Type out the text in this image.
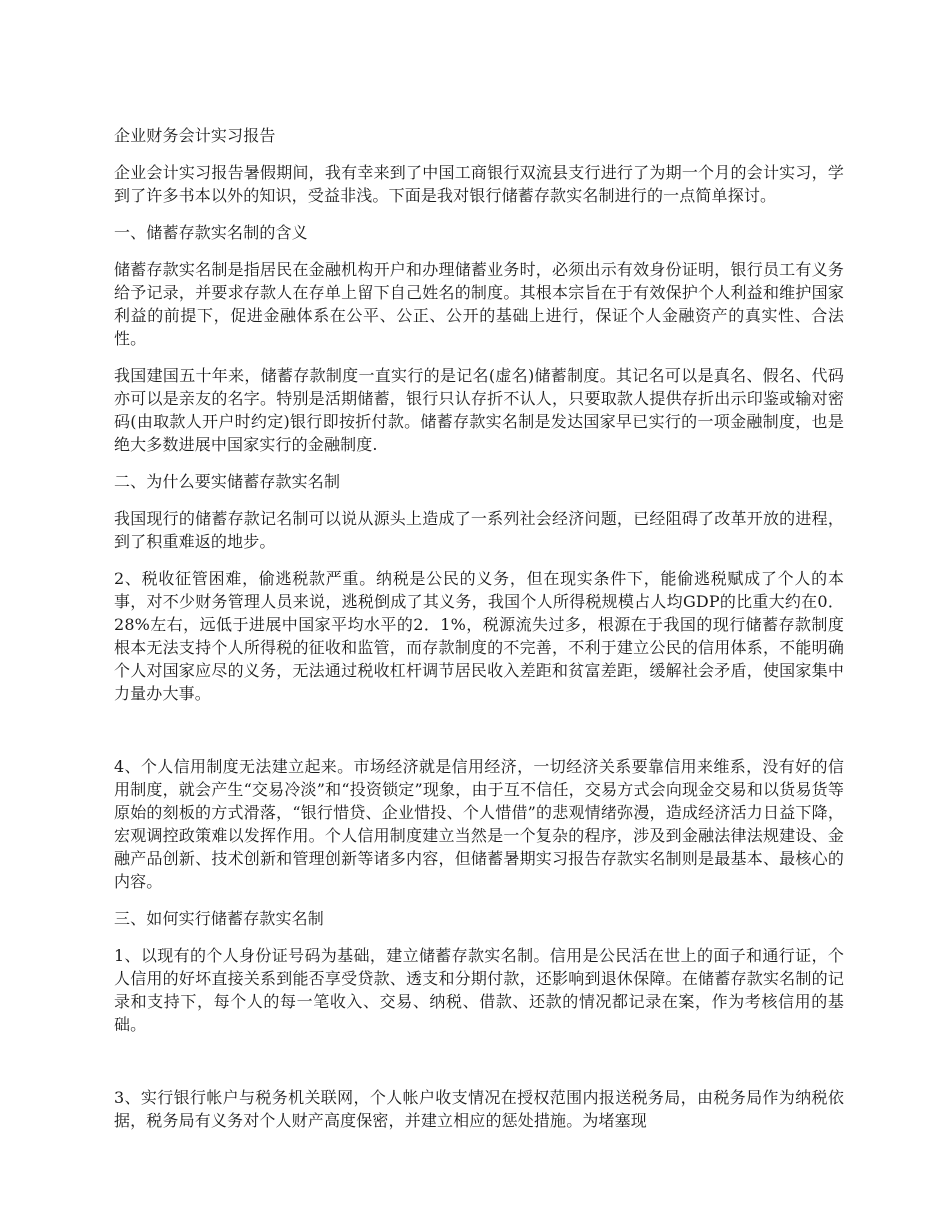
企业财务会计实习报告

企业会计实习报告暑假期间，我有幸来到了中国工商银行双流县支行进行了为期一个月的会计实习，学到了许多书本以外的知识，受益非浅。下面是我对银行储蓄存款实名制进行的一点简单探讨。

一、储蓄存款实名制的含义

储蓄存款实名制是指居民在金融机构开户和办理储蓄业务时，必须出示有效身份证明，银行员工有义务给予记录，并要求存款人在存单上留下自己姓名的制度。其根本宗旨在于有效保护个人利益和维护国家利益的前提下，促进金融体系在公平、公正、公开的基础上进行，保证个人金融资产的真实性、合法性。

我国建国五十年来，储蓄存款制度一直实行的是记名(虚名)储蓄制度。其记名可以是真名、假名、代码亦可以是亲友的名字。特别是活期储蓄，银行只认存折不认人，只要取款人提供存折出示印鉴或输对密码(由取款人开户时约定)银行即按折付款。储蓄存款实名制是发达国家早已实行的一项金融制度，也是绝大多数进展中国家实行的金融制度.

二、为什么要实储蓄存款实名制

我国现行的储蓄存款记名制可以说从源头上造成了一系列社会经济问题，已经阻碍了改革开放的进程，到了积重难返的地步。

2、税收征管困难，偷逃税款严重。纳税是公民的义务，但在现实条件下，能偷逃税赋成了个人的本事，对不少财务管理人员来说，逃税倒成了其义务，我国个人所得税规模占人均GDP的比重大约在0．28%左右，远低于进展中国家平均水平的2．1%，税源流失过多，根源在于我国的现行储蓄存款制度根本无法支持个人所得税的征收和监管，而存款制度的不完善，不利于建立公民的信用体系，不能明确个人对国家应尽的义务，无法通过税收杠杆调节居民收入差距和贫富差距，缓解社会矛盾，使国家集中力量办大事。

4、个人信用制度无法建立起来。市场经济就是信用经济，一切经济关系要靠信用来维系，没有好的信用制度，就会产生“交易冷淡”和“投资锁定”现象，由于互不信任，交易方式会向现金交易和以货易货等原始的刻板的方式滑落，“银行惜贷、企业惜投、个人惜借”的悲观情绪弥漫，造成经济活力日益下降，宏观调控政策难以发挥作用。个人信用制度建立当然是一个复杂的程序，涉及到金融法律法规建设、金融产品创新、技术创新和管理创新等诸多内容，但储蓄暑期实习报告存款实名制则是最基本、最核心的内容。

三、如何实行储蓄存款实名制

1、以现有的个人身份证号码为基础，建立储蓄存款实名制。信用是公民活在世上的面子和通行证，个人信用的好坏直接关系到能否享受贷款、透支和分期付款，还影响到退休保障。在储蓄存款实名制的记录和支持下，每个人的每一笔收入、交易、纳税、借款、还款的情况都记录在案，作为考核信用的基础。

3、实行银行帐户与税务机关联网，个人帐户收支情况在授权范围内报送税务局，由税务局作为纳税依据，税务局有义务对个人财产高度保密，并建立相应的惩处措施。为堵塞现
